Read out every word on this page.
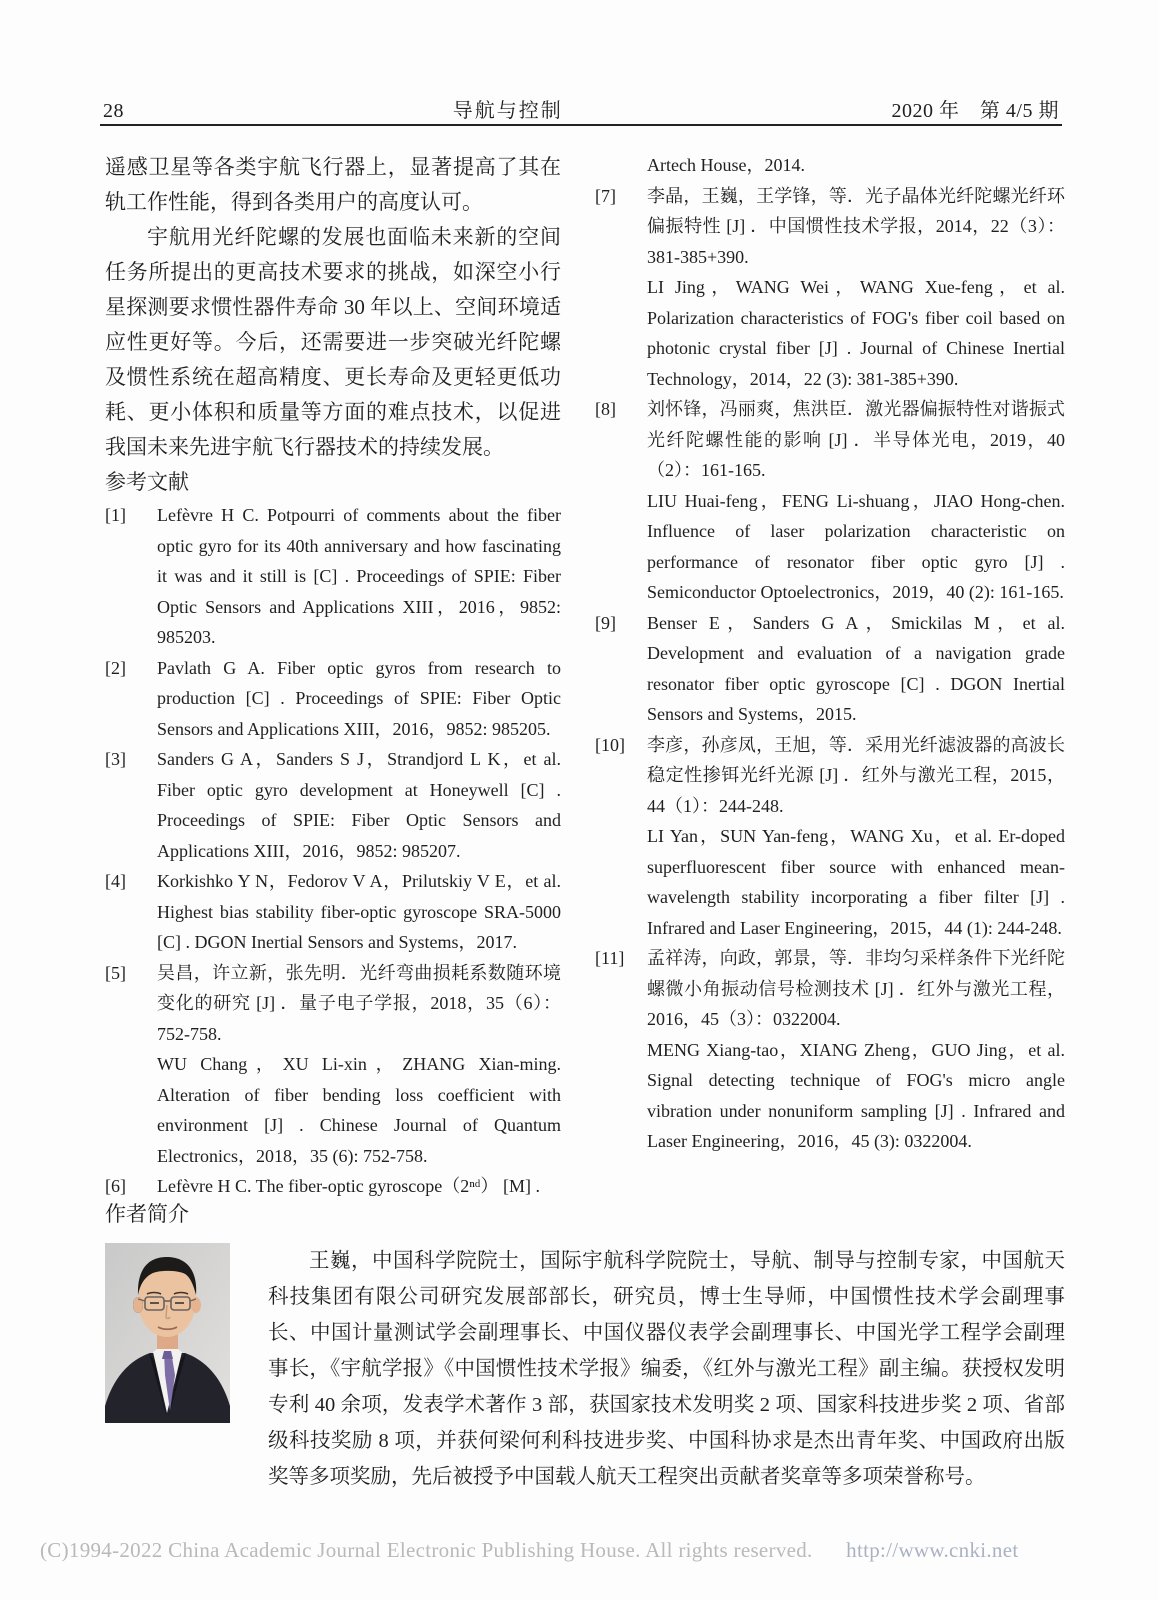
28	导航与控制	2020 年　第 4/5 期

遥感卫星等各类宇航飞行器上，显著提高了其在轨工作性能，得到各类用户的高度认可。

宇航用光纤陀螺的发展也面临未来新的空间任务所提出的更高技术要求的挑战，如深空小行星探测要求惯性器件寿命 30 年以上、空间环境适应性更好等。今后，还需要进一步突破光纤陀螺及惯性系统在超高精度、更长寿命及更轻更低功耗、更小体积和质量等方面的难点技术，以促进我国未来先进宇航飞行器技术的持续发展。

参考文献
[1]	Lefèvre H C. Potpourri of comments about the fiber optic gyro for its 40th anniversary and how fascinating it was and it still is [C] . Proceedings of SPIE: Fiber Optic Sensors and Applications XIII，2016，9852: 985203.

[2]	Pavlath G A. Fiber optic gyros from research to production [C] . Proceedings of SPIE: Fiber Optic Sensors and Applications XIII，2016，9852: 985205.

[3]	Sanders G A，Sanders S J，Strandjord L K，et al. Fiber optic gyro development at Honeywell [C] . Proceedings of SPIE: Fiber Optic Sensors and Applications XIII，2016，9852: 985207.

[4]	Korkishko Y N，Fedorov V A，Prilutskiy V E，et al. Highest bias stability fiber-optic gyroscope SRA-5000 [C] . DGON Inertial Sensors and Systems，2017.

[5]	吴昌，许立新，张先明．光纤弯曲损耗系数随环境变化的研究 [J] ．量子电子学报，2018，35（6）：752-758.

WU Chang，XU Li-xin，ZHANG Xian-ming. Alteration of fiber bending loss coefficient with environment [J] . Chinese Journal of Quantum Electronics，2018，35 (6): 752-758.

[6]	Lefèvre H C. The fiber-optic gyroscope（2ⁿᵈ） [M] .

Artech House，2014.

[7]	李晶，王巍，王学锋，等．光子晶体光纤陀螺光纤环偏振特性 [J] ．中国惯性技术学报，2014，22（3）：381-385+390.

LI Jing，WANG Wei，WANG Xue-feng，et al. Polarization characteristics of FOG's fiber coil based on photonic crystal fiber [J] . Journal of Chinese Inertial Technology，2014，22 (3): 381-385+390.

[8]	刘怀锋，冯丽爽，焦洪臣．激光器偏振特性对谐振式光纤陀螺性能的影响 [J] ．半导体光电，2019，40（2）：161-165.

LIU Huai-feng，FENG Li-shuang，JIAO Hong-chen. Influence of laser polarization characteristic on performance of resonator fiber optic gyro [J] . Semiconductor Optoelectronics，2019，40 (2): 161-165.

[9]	Benser E，Sanders G A，Smickilas M，et al. Development and evaluation of a navigation grade resonator fiber optic gyroscope [C] . DGON Inertial Sensors and Systems，2015.

[10]	李彦，孙彦凤，王旭，等．采用光纤滤波器的高波长稳定性掺铒光纤光源 [J] ．红外与激光工程，2015，44（1）：244-248.

LI Yan，SUN Yan-feng，WANG Xu，et al. Er-doped superfluorescent fiber source with enhanced mean-wavelength stability incorporating a fiber filter [J] . Infrared and Laser Engineering，2015，44 (1): 244-248.

[11]	孟祥涛，向政，郭景，等．非均匀采样条件下光纤陀螺微小角振动信号检测技术 [J] ．红外与激光工程，2016，45（3）：0322004.

MENG Xiang-tao，XIANG Zheng，GUO Jing，et al. Signal detecting technique of FOG's micro angle vibration under nonuniform sampling [J] . Infrared and Laser Engineering，2016，45 (3): 0322004.

作者简介

王巍，中国科学院院士，国际宇航科学院院士，导航、制导与控制专家，中国航天科技集团有限公司研究发展部部长，研究员，博士生导师，中国惯性技术学会副理事长、中国计量测试学会副理事长、中国仪器仪表学会副理事长、中国光学工程学会副理事长，《宇航学报》《中国惯性技术学报》编委，《红外与激光工程》副主编。获授权发明专利 40 余项，发表学术著作 3 部，获国家技术发明奖 2 项、国家科技进步奖 2 项、省部级科技奖励 8 项，并获何梁何利科技进步奖、中国科协求是杰出青年奖、中国政府出版奖等多项奖励，先后被授予中国载人航天工程突出贡献者奖章等多项荣誉称号。

(C)1994-2022 China Academic Journal Electronic Publishing House. All rights reserved. http://www.cnki.net
